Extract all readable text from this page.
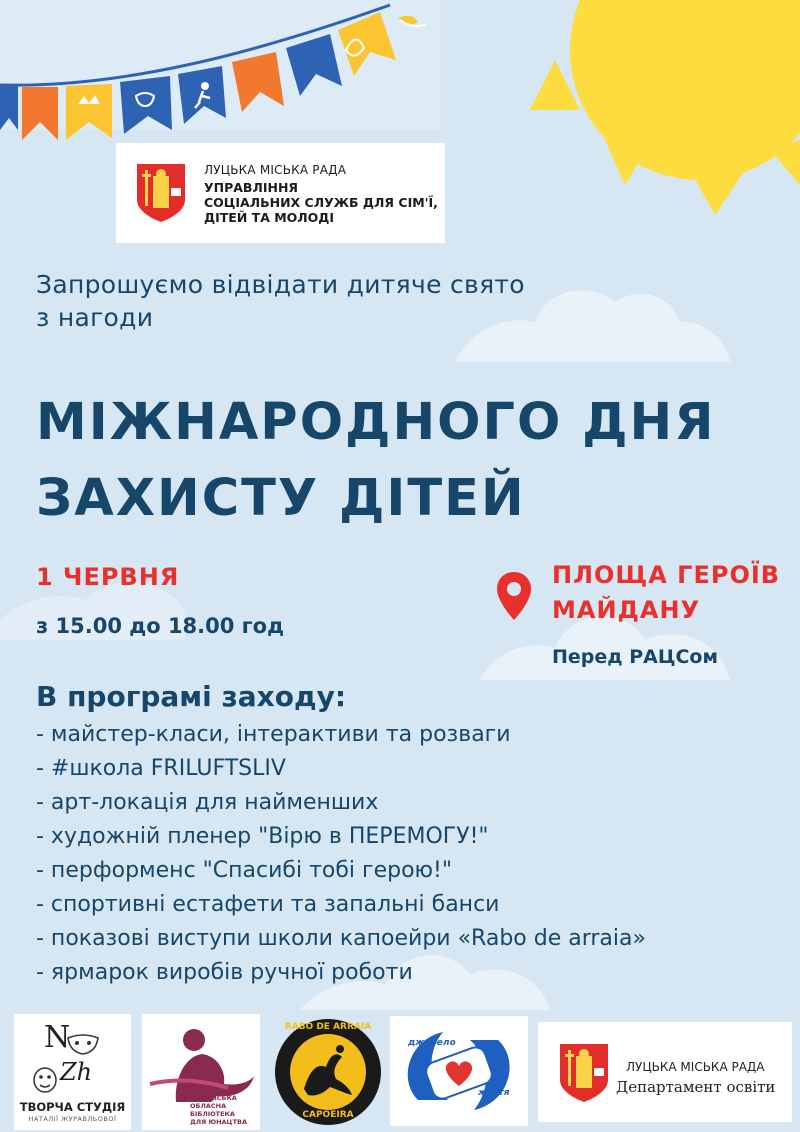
ЛУЦЬКА МІСЬКА РАДА
УПРАВЛІННЯ
СОЦІАЛЬНИХ СЛУЖБ ДЛЯ СІМ'Ї,
ДІТЕЙ ТА МОЛОДІ
Запрошуємо відвідати дитяче свято
з нагоди
МІЖНАРОДНОГО ДНЯ
ЗАХИСТУ ДІТЕЙ
1 ЧЕРВНЯ
з 15.00 до 18.00 год
ПЛОЩА ГЕРОЇВ
МАЙДАНУ
Перед РАЦСом
В програмі заходу:
- майстер-класи, інтерактиви та розваги
- #школа FRILUFTSLIV
- арт-локація для найменших
- художній пленер "Вірю в ПЕРЕМОГУ!"
- перформенс "Спасибі тобі герою!"
- спортивні естафети та запальні банси
- показові виступи школи капоейри «Rabo de arraia»
- ярмарок виробів ручної роботи
N
Zh
ТВОРЧА СТУДІЯ
НАТАЛІЇ ЖУРАВЛЬОВОЇ
ВОЛИНСЬКА
ОБЛАСНА БІБЛІОТЕКА
ДЛЯ ЮНАЦТВА
RABO DE ARRAIA
CAPOEIRA
джерело
життя
ЛУЦЬКА МІСЬКА РАДА
Департамент освіти
